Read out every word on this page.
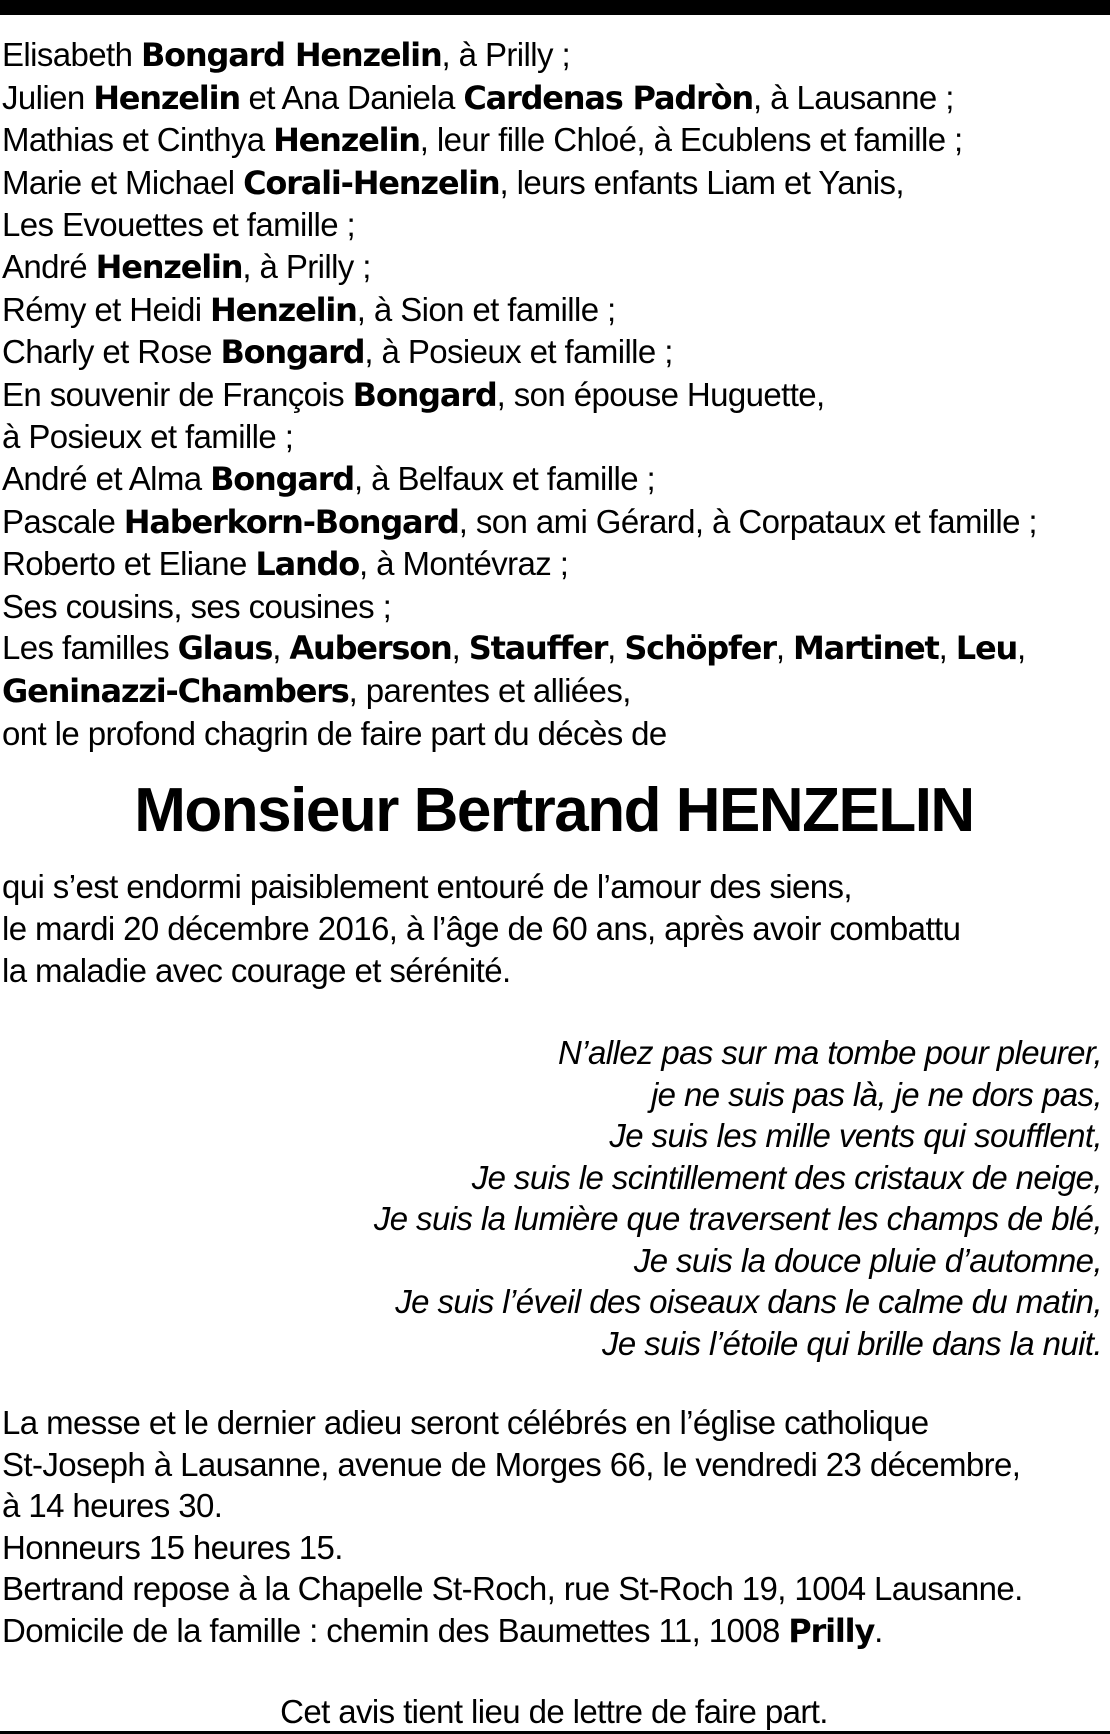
Elisabeth Bongard Henzelin, à Prilly ;
Julien Henzelin et Ana Daniela Cardenas Padròn, à Lausanne ;
Mathias et Cinthya Henzelin, leur fille Chloé, à Ecublens et famille ;
Marie et Michael Corali-Henzelin, leurs enfants Liam et Yanis,
Les Evouettes et famille ;
André Henzelin, à Prilly ;
Rémy et Heidi Henzelin, à Sion et famille ;
Charly et Rose Bongard, à Posieux et famille ;
En souvenir de François Bongard, son épouse Huguette,
à Posieux et famille ;
André et Alma Bongard, à Belfaux et famille ;
Pascale Haberkorn-Bongard, son ami Gérard, à Corpataux et famille ;
Roberto et Eliane Lando, à Montévraz ;
Ses cousins, ses cousines ;
Les familles Glaus, Auberson, Stauffer, Schöpfer, Martinet, Leu,
Geninazzi-Chambers, parentes et alliées,
ont le profond chagrin de faire part du décès de
Monsieur Bertrand HENZELIN
qui s’est endormi paisiblement entouré de l’amour des siens,
le mardi 20 décembre 2016, à l’âge de 60 ans, après avoir combattu
la maladie avec courage et sérénité.
N’allez pas sur ma tombe pour pleurer,
je ne suis pas là, je ne dors pas,
Je suis les mille vents qui soufflent,
Je suis le scintillement des cristaux de neige,
Je suis la lumière que traversent les champs de blé,
Je suis la douce pluie d’automne,
Je suis l’éveil des oiseaux dans le calme du matin,
Je suis l’étoile qui brille dans la nuit.
La messe et le dernier adieu seront célébrés en l’église catholique
St-Joseph à Lausanne, avenue de Morges 66, le vendredi 23 décembre,
à 14 heures 30.
Honneurs 15 heures 15.
Bertrand repose à la Chapelle St-Roch, rue St-Roch 19, 1004 Lausanne.
Domicile de la famille : chemin des Baumettes 11, 1008 Prilly.
Cet avis tient lieu de lettre de faire part.
